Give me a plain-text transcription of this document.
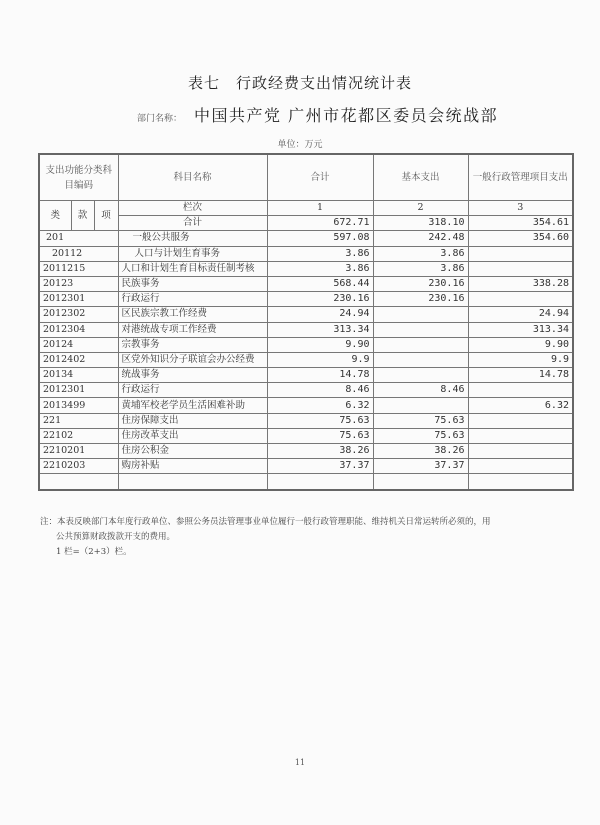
表七　行政经费支出情况统计表
部门名称： 中国共产党 广州市花都区委员会统战部
单位：万元
支出功能分类科目编码			科目名称	合计	基本支出	一般行政管理项目支出
类	款	项	栏次	1	2	3
			合计	672.71	318.10	354.61
201			一般公共服务	597.08	242.48	354.60
20112			人口与计划生育事务	3.86	3.86	
2011215			人口和计划生育目标责任制考核	3.86	3.86	
20123			民族事务	568.44	230.16	338.28
2012301			行政运行	230.16	230.16	
2012302			区民族宗教工作经费	24.94		24.94
2012304			对港统战专项工作经费	313.34		313.34
20124			宗教事务	9.90		9.90
2012402			区党外知识分子联谊会办公经费	9.9		9.9
20134			统战事务	14.78		14.78
2012301			行政运行	8.46	8.46	
2013499			黄埔军校老学员生活困难补助	6.32		6.32
221			住房保障支出	75.63	75.63	
22102			住房改革支出	75.63	75.63	
2210201			住房公积金	38.26	38.26	
2210203			购房补贴	37.37	37.37	

注：本表反映部门本年度行政单位、参照公务员法管理事业单位履行一般行政管理职能、维持机关日常运转所必须的，用
公共预算财政拨款开支的费用。
1 栏=（2+3）栏。
11
